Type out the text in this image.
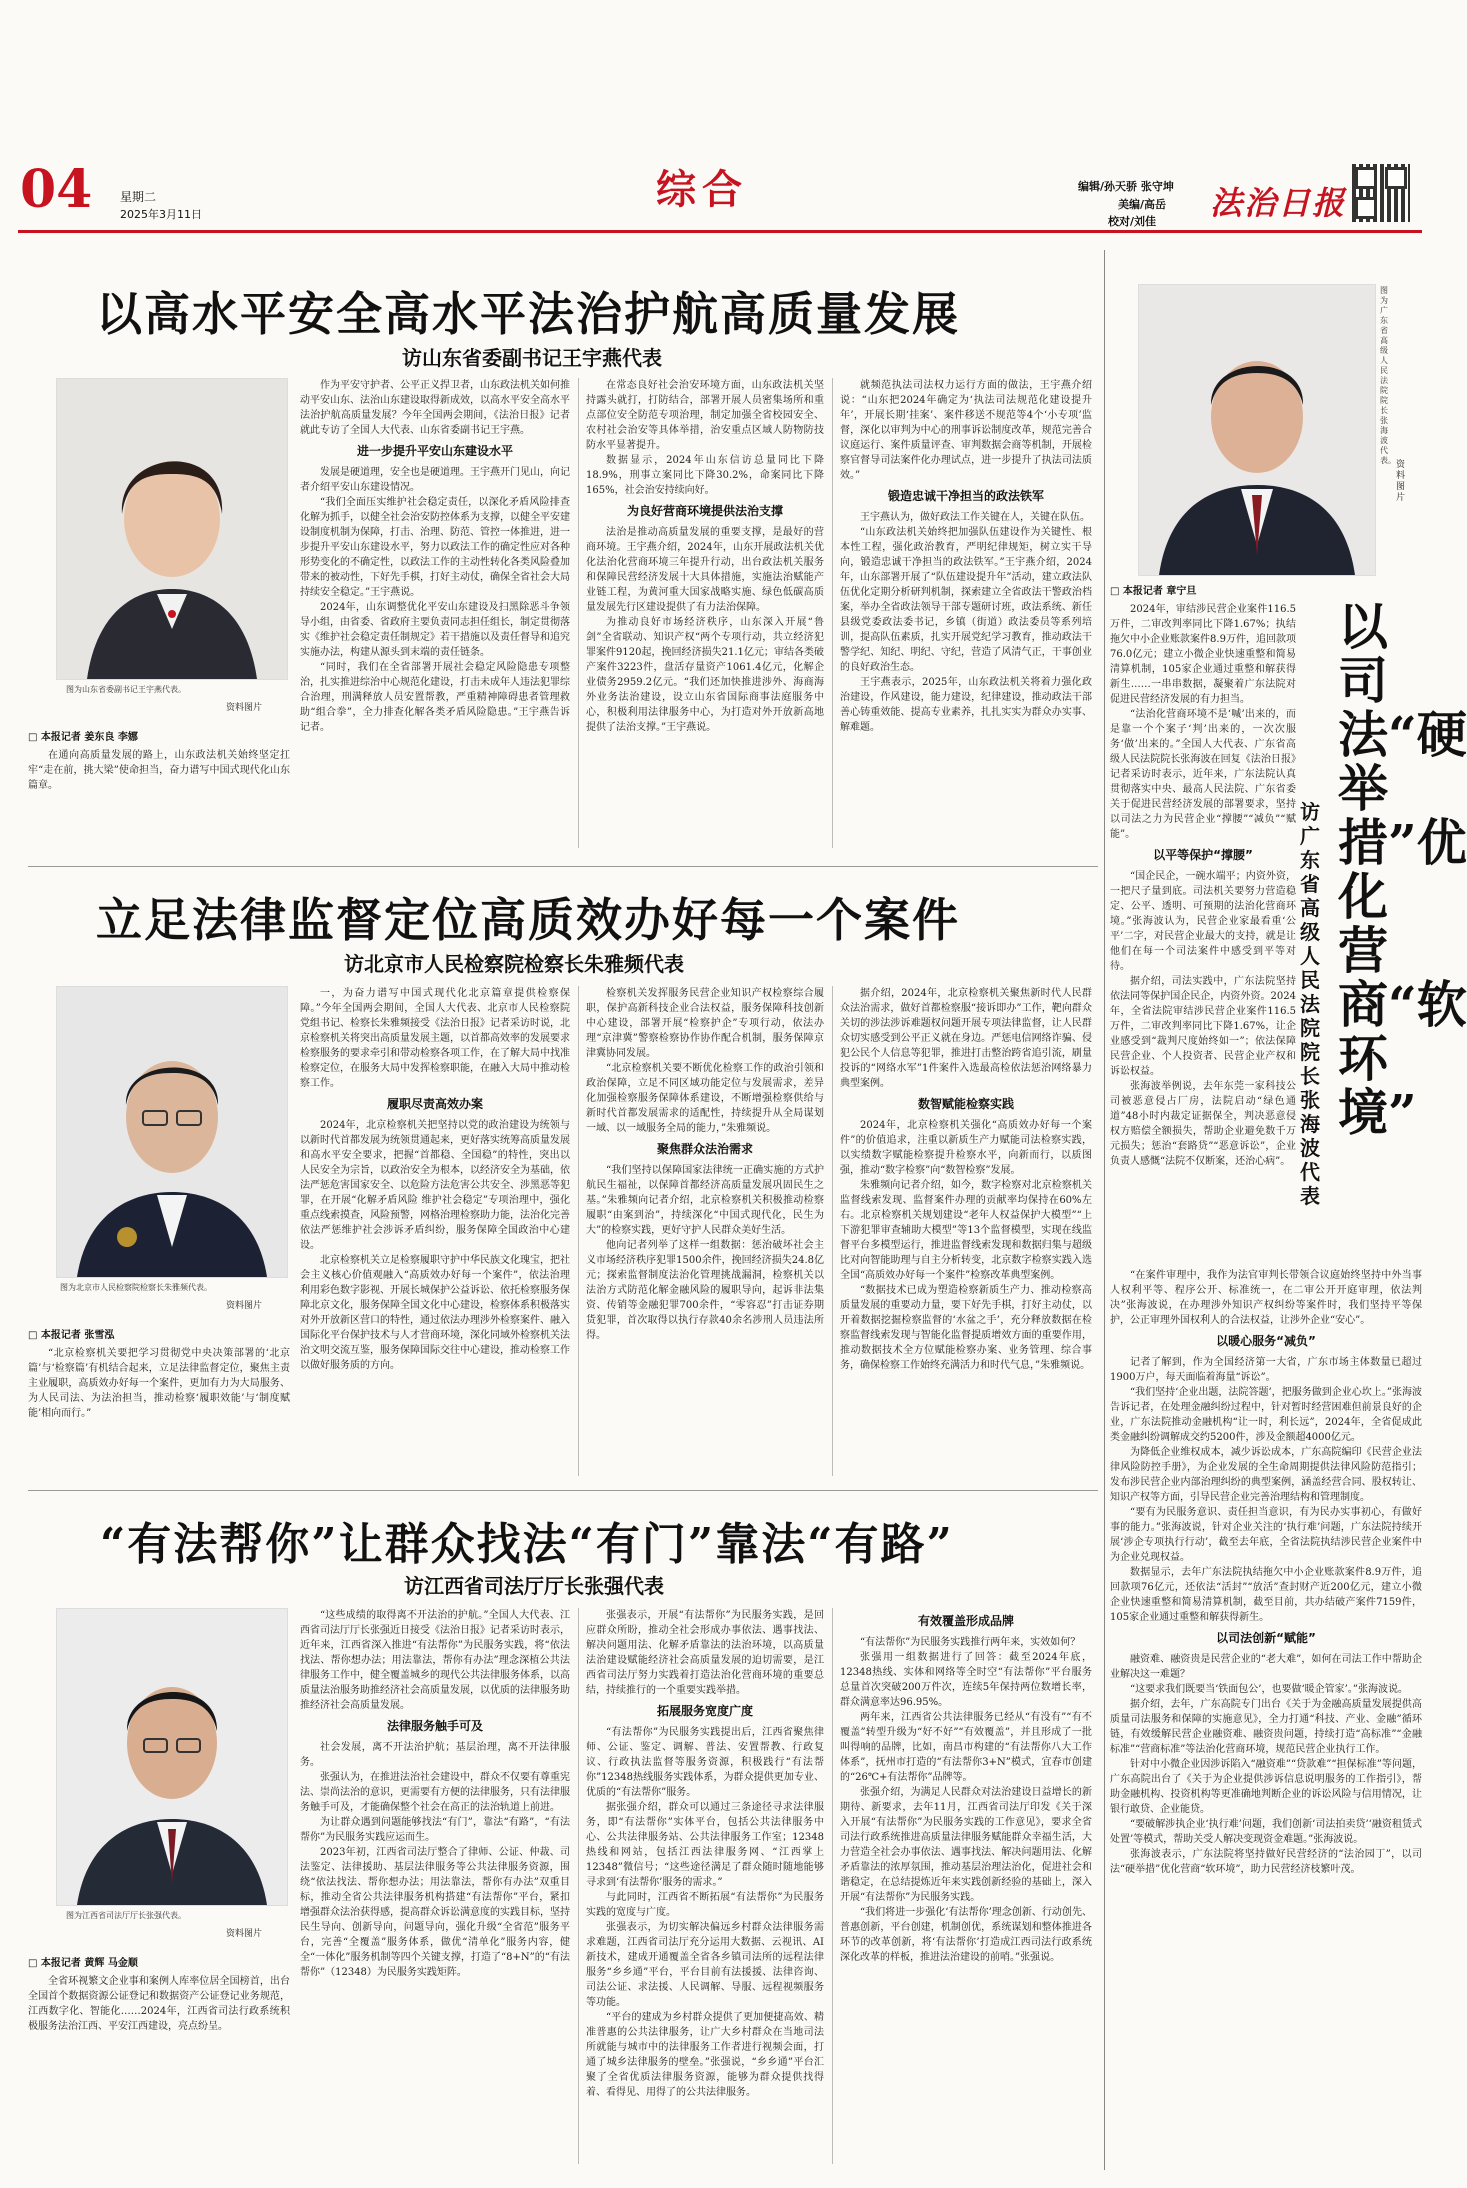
04 星期二
2025年3月11日
综合	编辑/孙天骄 张守坤
美编/高岳
校对/刘佳 法治日报
以高水平安全高水平法治护航高质量发展
访山东省委副书记王宇燕代表
图为山东省委副书记王宇燕代表。
资料图片
□ 本报记者 姜东良 李娜
在通向高质量发展的路上，山东政法机关始终坚定扛牢“走在前，挑大梁”使命担当，奋力谱写中国式现代化山东篇章。

作为平安守护者、公平正义捍卫者，山东政法机关如何推动平安山东、法治山东建设取得新成效，以高水平安全高水平法治护航高质量发展？今年全国两会期间，《法治日报》记者就此专访了全国人大代表、山东省委副书记王宇燕。

进一步提升平安山东建设水平

发展是硬道理，安全也是硬道理。王宇燕开门见山，向记者介绍平安山东建设情况。

“我们全面压实维护社会稳定责任，以深化矛盾风险排查化解为抓手，以健全社会治安防控体系为支撑，以健全平安建设制度机制为保障，打击、治理、防范、管控一体推进，进一步提升平安山东建设水平，努力以政法工作的确定性应对各种形势变化的不确定性，以政法工作的主动性转化各类风险叠加带来的被动性，下好先手棋，打好主动仗，确保全省社会大局持续安全稳定。”王宇燕说。

2024年，山东调整优化平安山东建设及扫黑除恶斗争领导小组，由省委、省政府主要负责同志担任组长，制定贯彻落实《维护社会稳定责任制规定》若干措施以及责任督导和追究实施办法，构建从源头到末端的责任链条。

“同时，我们在全省部署开展社会稳定风险隐患专项整治，扎实推进综治中心规范化建设，打击未成年人违法犯罪综合治理，刑满释放人员安置帮教，严重精神障碍患者管理救助“组合拳”，全力排查化解各类矛盾风险隐患。”王宇燕告诉记者。

在常态良好社会治安环境方面，山东政法机关坚持露头就打，打防结合，部署开展人员密集场所和重点部位安全防范专项治理，制定加强全省校园安全、农村社会治安等具体举措，治安重点区域人防物防技防水平显著提升。

数据显示，2024年山东信访总量同比下降18.9%，刑事立案同比下降30.2%，命案同比下降165%，社会治安持续向好。

为良好营商环境提供法治支撑

法治是推动高质量发展的重要支撑，是最好的营商环境。王宇燕介绍，2024年，山东开展政法机关优化法治化营商环境三年提升行动，出台政法机关服务和保障民营经济发展十大具体措施，实施法治赋能产业链工程，为黄河重大国家战略实施、绿色低碳高质量发展先行区建设提供了有力法治保障。

为推动良好市场经济秩序，山东深入开展“鲁剑”全省联动、知识产权“两个专项行动，共立经济犯罪案件9120起，挽回经济损失21.1亿元；审结各类破产案件3223件，盘活存量资产1061.4亿元，化解企业债务2959.2亿元。“我们还加快推进涉外、海商海外业务法治建设，设立山东省国际商事法庭服务中心，积极利用法律服务中心，为打造对外开放新高地提供了法治支撑。”王宇燕说。

就频范执法司法权力运行方面的做法，王宇燕介绍说：“山东把2024年确定为‘执法司法规范化建设提升年’，开展长期‘挂案’、案件移送不规范等4个‘小专项’监督，深化以审判为中心的刑事诉讼制度改革，规范完善合议庭运行、案件质量评查、审判数据会商等机制，开展检察官督导司法案件化办理试点，进一步提升了执法司法质效。”

锻造忠诚干净担当的政法铁军

王宇燕认为，做好政法工作关键在人，关键在队伍。

“山东政法机关始终把加强队伍建设作为关键性、根本性工程，强化政治教育，严明纪律规矩，树立实干导向，锻造忠诚干净担当的政法铁军。”王宇燕介绍，2024年，山东部署开展了“队伍建设提升年”活动，建立政法队伍优化定期分析研判机制，探索建立全省政法干警政治档案，举办全省政法领导干部专题研讨班，政法系统、新任县级党委政法委书记，乡镇（街道）政法委员等系列培训，提高队伍素质，扎实开展党纪学习教育，推动政法干警学纪、知纪、明纪、守纪，营造了风清气正，干事创业的良好政治生态。

王宇燕表示，2025年，山东政法机关将着力强化政治建设，作风建设，能力建设，纪律建设，推动政法干部善心铸重效能、提高专业素养，扎扎实实为群众办实事、解难题。

图为广东省高级人民法院院长张海波代表。 资料图片
□ 本报记者 章宁旦
以司法“硬举措”优化营商“软环境”
访广东省高级人民法院院长张海波代表

2024年，审结涉民营企业案件116.5万件，二审改判率同比下降1.67%；执结拖欠中小企业账款案件8.9万件，追回款项76.0亿元；建立小微企业快速重整和简易清算机制，105家企业通过重整和解获得新生……一串串数据，凝聚着广东法院对促进民营经济发展的有力担当。

“法治化营商环境不是‘喊’出来的，而是靠一个个案子‘判’出来的，一次次服务‘做’出来的。”全国人大代表、广东省高级人民法院院长张海波在回复《法治日报》记者采访时表示，近年来，广东法院认真贯彻落实中央、最高人民法院、广东省委关于促进民营经济发展的部署要求，坚持以司法之力为民营企业“撑腰”“减负”“赋能”。

以平等保护“撑腰”

“国企民企，一碗水端平；内资外资，一把尺子量到底。司法机关要努力营造稳定、公平、透明、可预期的法治化营商环境。”张海波认为，民营企业家最看重‘公平’二字，对民营企业最大的支持，就是让他们在每一个司法案件中感受到平等对待。

据介绍，司法实践中，广东法院坚持依法同等保护国企民企，内资外资。2024年，全省法院审结涉民营企业案件116.5万件，二审改判率同比下降1.67%，让企业感受到“裁判尺度始终如一”；依法保障民营企业、个人投资者、民营企业产权和诉讼权益。

张海波举例说，去年东莞一家科技公司被恶意侵占厂房，法院启动“绿色通道”48小时内裁定证据保全，判决恶意侵权方赔偿全额损失，帮助企业避免数千万元损失；惩治“套路贷”“恶意诉讼”，企业负责人感慨“法院不仅断案，还治心病”。

“在案件审理中，我作为法官审判长带领合议庭始终坚持中外当事人权利平等、程序公开、标准统一，在二审公开开庭审理，依法判决”张海波说，在办理涉外知识产权纠纷等案件时，我们坚持平等保护，公正审理外国权利人的合法权益，让涉外企业“安心”。

以暖心服务“减负”

记者了解到，作为全国经济第一大省，广东市场主体数量已超过1900万户，每天面临着海量“诉讼”。

“我们坚持‘企业出题，法院答题’，把服务做到企业心坎上。”张海波告诉记者，在处理金融纠纷过程中，针对暂时经营困难但前景良好的企业，广东法院推动金融机构“让一时，利长远”，2024年，全省促成此类金融纠纷调解成交约5200件，涉及金额超4000亿元。

为降低企业维权成本，减少诉讼成本，广东高院编印《民营企业法律风险防控手册》，为企业发展的全生命周期提供法律风险防范指引；发布涉民营企业内部治理纠纷的典型案例，涵盖经营合同、股权转让、知识产权等方面，引导民营企业完善治理结构和管理制度。

“要有为民服务意识、责任担当意识，有为民办实事初心，有做好事的能力。”张海波说，针对企业关注的‘执行难’问题，广东法院持续开展‘涉企专项执行行动’，截至去年底，全省法院执结涉民营企业案件中为企业兑现权益。

数据显示，去年广东法院执结拖欠中小企业账款案件8.9万件，追回款项76亿元，还依法“活封”“放活”查封财产近200亿元，建立小微企业快速重整和简易清算机制，截至目前，共办结破产案件7159件，105家企业通过重整和解获得新生。

以司法创新“赋能”

融资难、融资贵是民营企业的“老大难”，如何在司法工作中帮助企业解决这一难题？

“这要求我们既要当‘铁面包公’，也要做‘暖企管家’。”张海波说。

据介绍，去年，广东高院专门出台《关于为金融高质量发展提供高质量司法服务和保障的实施意见》，全力打通“科技、产业、金融”循环链，有效缓解民营企业融资难、融资贵问题，持续打造“高标准”“金融标准”“营商标准”等法治化营商环境，规范民营企业执行工作。

针对中小微企业因涉诉陷入“融资难”“贷款难”“担保标准”等问题，广东高院出台了《关于为企业提供涉诉信息说明服务的工作指引》，帮助金融机构、投资机构等更准确地判断企业的诉讼风险与信用情况，让银行敢贷、企业能贷。

“要破解涉执企业‘执行难’问题，我们创新‘司法拍卖贷’‘融资租赁式处置’等模式，帮助关受人解决变现资金难题。”张海波说。

张海波表示，广东法院将坚持做好民营经济的“法治园丁”，以司法“硬举措”优化营商“软环境”，助力民营经济枝繁叶茂。

立足法律监督定位高质效办好每一个案件
访北京市人民检察院检察长朱雅频代表
图为北京市人民检察院检察长朱雅频代表。
资料图片
□ 本报记者 张雪泓
“北京检察机关要把学习贯彻党中央决策部署的‘北京篇’与‘检察篇’有机结合起来，立足法律监督定位，聚焦主责主业履职，高质效办好每一个案件，更加有力为大局服务、为人民司法、为法治担当，推动检察‘履职效能’与‘制度赋能’相向而行。”

一，为奋力谱写中国式现代化北京篇章提供检察保障。”今年全国两会期间，全国人大代表、北京市人民检察院党组书记、检察长朱雅频接受《法治日报》记者采访时说，北京检察机关将突出高质量发展主题，以首都高效率的发展要求检察服务的要求牵引和带动检察各项工作，在了解大局中找准检察定位，在服务大局中发挥检察职能，在融入大局中推动检察工作。

履职尽责高效办案

2024年，北京检察机关把坚持以党的政治建设为统领与以新时代首都发展为统领贯通起来，更好落实统筹高质量发展和高水平安全要求，把握“首都稳、全国稳”的特性，突出以人民安全为宗旨，以政治安全为根本，以经济安全为基础，依法严惩危害国家安全、以危险方法危害公共安全、涉黑恶等犯罪，在开展“化解矛盾风险 维护社会稳定”专项治理中，强化重点线索摸查，风险预警，网格治理检察助力能，法治化完善依法严惩维护社会涉诉矛盾纠纷，服务保障全国政治中心建设。

北京检察机关立足检察履职守护中华民族文化瑰宝，把社会主义核心价值观融入“高质效办好每一个案件”，依法治理利用彩色数字影视、开展长城保护公益诉讼、依托检察服务保障北京文化，服务保障全国文化中心建设，检察体系积极落实对外开放新区营口的特性，通过依法办理涉外检察案件、融入国际化平台保护技术与人才营商环境，深化同域外检察机关法治文明交流互鉴，服务保障国际交往中心建设，推动检察工作以做好服务质的方向。

检察机关发挥服务民营企业知识产权检察综合履职，保护高新科技企业合法权益，服务保障科技创新中心建设，部署开展“检察护企”专项行动，依法办理“京津冀”警察检察协作协作配合机制，服务保障京津冀协同发展。

“北京检察机关要不断优化检察工作的政治引领和政治保障，立足不同区域功能定位与发展需求，差异化加强检察服务保障体系建设，不断增强检察供给与新时代首都发展需求的适配性，持续提升从全局谋划一域、以一域服务全局的能力，”朱雅频说。

聚焦群众法治需求

“我们坚持以保障国家法律统一正确实施的方式护航民生福祉，以保障首都经济高质量发展巩固民生之基。”朱雅频向记者介绍，北京检察机关积极推动检察履职“由案到治”，持续深化“中国式现代化，民生为大”的检察实践，更好守护人民群众美好生活。

他向记者列举了这样一组数据：惩治破坏社会主义市场经济秩序犯罪1500余件，挽回经济损失24.8亿元；探索监督制度法治化管理挑战漏洞，检察机关以法治方式防范化解金融风险的履职导向，起诉非法集资、传销等金融犯罪700余件，“零容忍”打击证券期货犯罪，首次取得以执行存款40余名涉刑人员违法所得。

据介绍，2024年，北京检察机关聚焦新时代人民群众法治需求，做好首都检察服“接诉即办”工作，靶向群众关切的涉法涉诉难题权问题开展专项法律监督，让人民群众切实感受到公平正义就在身边。严惩电信网络诈骗、侵犯公民个人信息等犯罪，推进打击整治跨省追引流，刷量投诉的“网络水军”1件案件入选最高检依法惩治网络暴力典型案例。

数智赋能检察实践

2024年，北京检察机关强化“高质效办好每一个案件”的价值追求，注重以新质生产力赋能司法检察实践，以实绩数字赋能检察提升检察水平，向新而行，以质图强，推动“数字检察”向“数智检察”发展。

朱雅频向记者介绍，如今，数字检察对北京检察机关监督线索发现、监督案件办理的贡献率均保持在60%左右。北京检察机关规划建设“老年人权益保护大模型”“上下游犯罪审查辅助大模型”等13个监督模型，实现在线监督平台多模型运行，推进监督线索发现和数据归集与超级比对向智能助理与自主分析转变，北京数字检察实践入选全国“高质效办好每一个案件”检察改革典型案例。

“数据技术已成为塑造检察新质生产力、推动检察高质量发展的重要动力量，要下好先手棋，打好主动仗，以开着数据挖掘检察监督的‘水盆之手’，充分释放数据在检察监督线索发现与智能化监督提质增效方面的重要作用，推动数据技术全方位赋能检察办案、业务管理、综合事务，确保检察工作始终充满活力和时代气息，”朱雅频说。

“有法帮你”让群众找法“有门”靠法“有路”
访江西省司法厅厅长张强代表
图为江西省司法厅厅长张强代表。
资料图片
□ 本报记者 黄辉 马金顺
全省环视繁文企业事和案例人库率位居全国榜首，出台全国首个数据资源公证登记和数据资产公证登记业务规范，江西数字化、智能化……2024年，江西省司法行政系统积极服务法治江西、平安江西建设，亮点纷呈。

“这些成绩的取得离不开法治的护航。”全国人大代表、江西省司法厅厅长张强近日接受《法治日报》记者采访时表示，近年来，江西省深入推进“有法帮你”为民服务实践，将“依法找法、帮你想办法；用法靠法，帮你有办法”理念深植公共法律服务工作中，健全覆盖城乡的现代公共法律服务体系，以高质量法治服务助推经济社会高质量发展，以优质的法律服务助推经济社会高质量发展。

法律服务触手可及

社会发展，离不开法治护航；基层治理，离不开法律服务。

张强认为，在推进法治社会建设中，群众不仅要有尊重宪法、崇尚法治的意识，更需要有方便的法律服务，只有法律服务触手可及，才能确保整个社会在高正的法治轨道上前进。

为让群众遇到问题能够找法“有门”，靠法“有路”，“有法帮你”为民服务实践应运而生。

2023年初，江西省司法厅整合了律师、公证、仲裁、司法鉴定、法律援助、基层法律服务等公共法律服务资源，围绕“依法找法、帮你想办法；用法靠法，帮你有办法”双重目标，推动全省公共法律服务机构搭建“有法帮你”平台，紧扣增强群众法治获得感，提高群众诉讼满意度的实践目标，坚持民生导向、创新导向，问题导向，强化升级“全省范”服务平台，完善“全覆盖”服务体系，做优“清单化”服务内容，健全“一体化”服务机制等四个关键支撑，打造了“8+N”的“有法帮你”（12348）为民服务实践矩阵。

张强表示，开展“有法帮你”为民服务实践，是回应群众所盼，推动全社会形成办事依法、遇事找法、解决问题用法、化解矛盾靠法的法治环境，以高质量法治建设赋能经济社会高质量发展的迫切需要，是江西省司法厅努力实践着打造法治化营商环境的重要总结，持续推行的一个重要实践举措。

拓展服务宽度广度

“有法帮你”为民服务实践提出后，江西省聚焦律师、公证、鉴定、调解、普法、安置帮教、行政复议、行政执法监督等服务资源，积极践行“有法帮你”12348热线服务实践体系，为群众提供更加专业、优质的“有法帮你”服务。

据张强介绍，群众可以通过三条途径寻求法律服务，即“有法帮你”实体平台，包括公共法律服务中心、公共法律服务站、公共法律服务工作室；12348热线和网站，包括江西法律服务网、“江西掌上12348”微信号；“这些途径满足了群众随时随地能够寻求到‘有法帮你’服务的需求。”

与此同时，江西省不断拓展“有法帮你”为民服务实践的宽度与广度。

张强表示，为切实解决偏远乡村群众法律服务需求难题，江西省司法厅充分运用大数据、云视讯、AI新技术，建成开通覆盖全省各乡镇司法所的远程法律服务“乡乡通”平台，平台目前有法援援、法律咨询、司法公证、求法援、人民调解、导服、远程视频服务等功能。

“平台的建成为乡村群众提供了更加便捷高效、精准普惠的公共法律服务，让广大乡村群众在当地司法所就能与城市中的法律服务工作者进行视频会面，打通了城乡法律服务的壁垒。”张强说，“乡乡通”平台汇聚了全省优质法律服务资源，能够为群众提供找得着、看得见、用得了的公共法律服务。

有效覆盖形成品牌

“有法帮你”为民服务实践推行两年来，实效如何？

张强用一组数据进行了回答：截至2024年底，12348热线、实体和网络等全时空“有法帮你”平台服务总量首次突破200万件次，连续5年保持两位数增长率，群众满意率达96.95%。

两年来，江西省公共法律服务已经从“有没有”“有不覆盖”转型升级为“好不好”“有效覆盖”，并且形成了一批叫得响的品牌，比如，南昌市构建的“有法帮你八大工作体系”，抚州市打造的“有法帮你3+N”模式，宜春市创建的“26℃+有法帮你”品牌等。

张强介绍，为满足人民群众对法治建设日益增长的新期待、新要求，去年11月，江西省司法厅印发《关于深入开展“有法帮你”为民服务实践的工作意见》，要求全省司法行政系统推进高质量法律服务赋能群众幸福生活，大力营造全社会办事依法、遇事找法、解决问题用法、化解矛盾靠法的浓厚氛围，推动基层治理法治化，促进社会和谐稳定，在总结提炼近年来实践创新经验的基础上，深入开展“有法帮你”为民服务实践。

“我们将进一步强化‘有法帮你’理念创新、行动创先、普惠创新，平台创建，机制创优，系统谋划和整体推进各环节的改革创新，将‘有法帮你’打造成江西司法行政系统深化改革的样板，推进法治建设的前哨。”张强说。
